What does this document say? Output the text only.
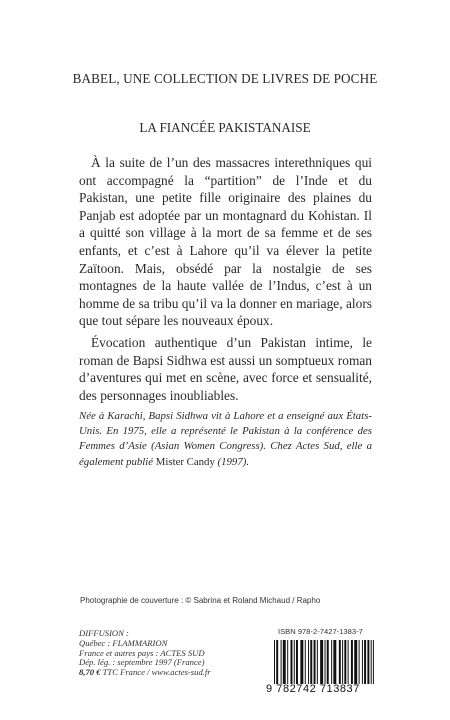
BABEL, UNE COLLECTION DE LIVRES DE POCHE
LA FIANCÉE PAKISTANAISE

À la suite de l’un des massacres interethniques qui ont accompagné la “partition” de l’Inde et du Pakistan, une petite fille originaire des plaines du Panjab est adoptée par un montagnard du Kohistan. Il a quitté son village à la mort de sa femme et de ses enfants, et c’est à Lahore qu’il va élever la petite Zaïtoon. Mais, obsédé par la nostalgie de ses montagnes de la haute vallée de l’Indus, c’est à un homme de sa tribu qu’il va la donner en mariage, alors que tout sépare les nouveaux époux.

Évocation authentique d’un Pakistan intime, le roman de Bapsi Sidhwa est aussi un somptueux roman d’aventures qui met en scène, avec force et sensualité, des personnages inoubliables.

Née à Karachi, Bapsi Sidhwa vit à Lahore et a enseigné aux États-Unis. En 1975, elle a représenté le Pakistan à la conférence des Femmes d’Asie (Asian Women Congress). Chez Actes Sud, elle a également publié Mister Candy (1997).
Photographie de couverture : © Sabrina et Roland Michaud / Rapho
DIFFUSION :
Québec : FLAMMARION
France et autres pays : ACTES SUD
Dép. lég. : septembre 1997 (France)
8,70 € TTC France / www.actes-sud.fr
ISBN 978-2-7427-1383-7
9 782742 713837
